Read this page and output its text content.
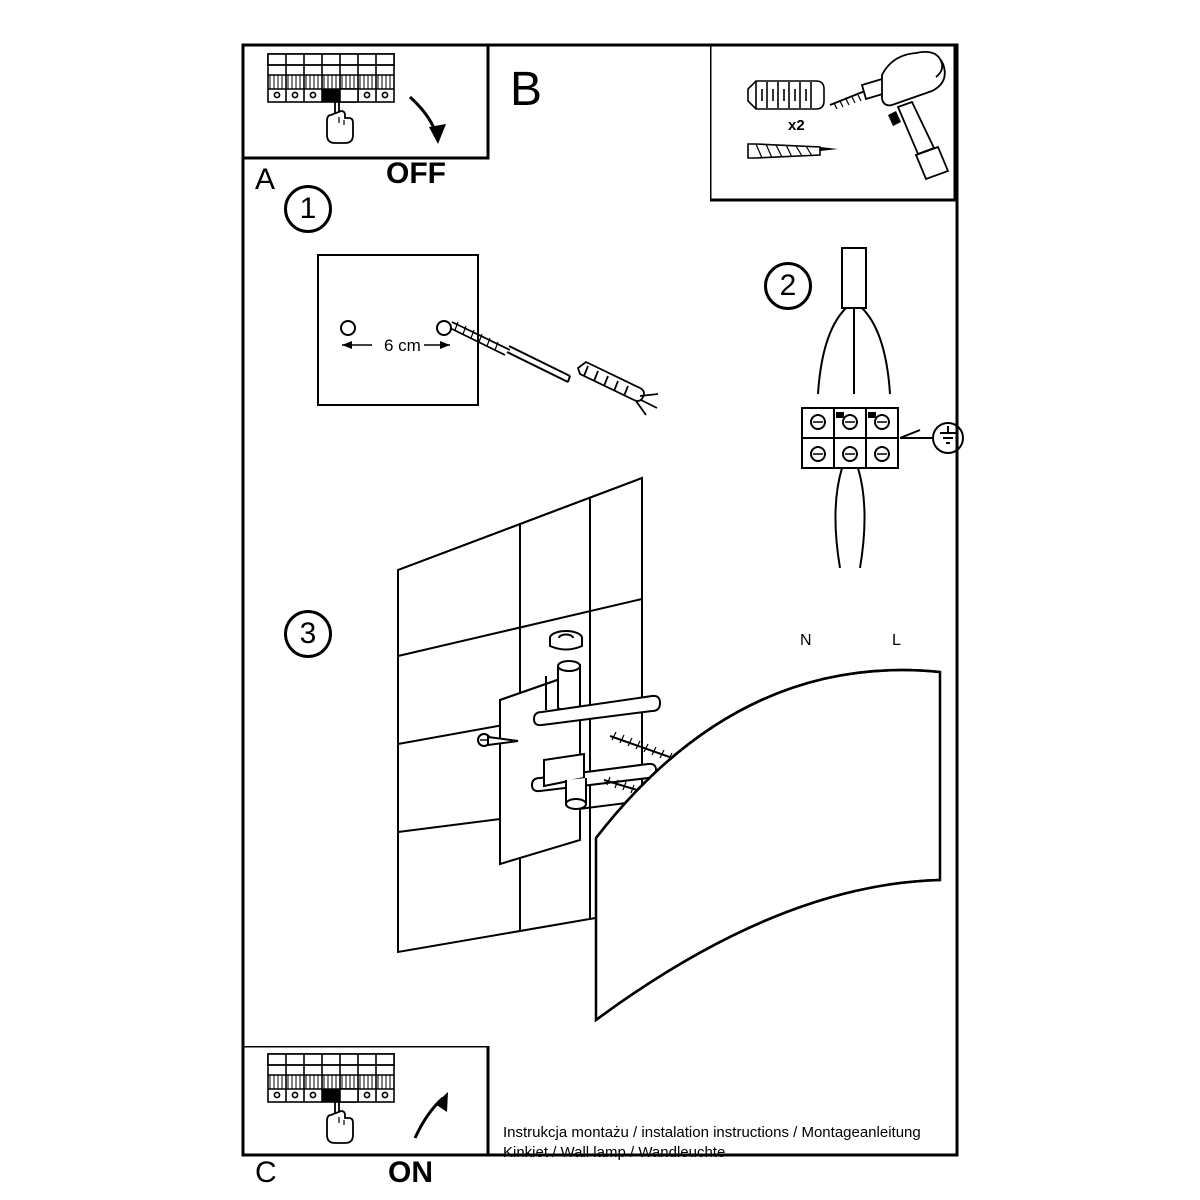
A	OFF
B
x2
1
6 cm
2
N	L
3
C	ON
Instrukcja montażu / instalation instructions / Montageanleitung
Kinkiet / Wall lamp / Wandleuchte
